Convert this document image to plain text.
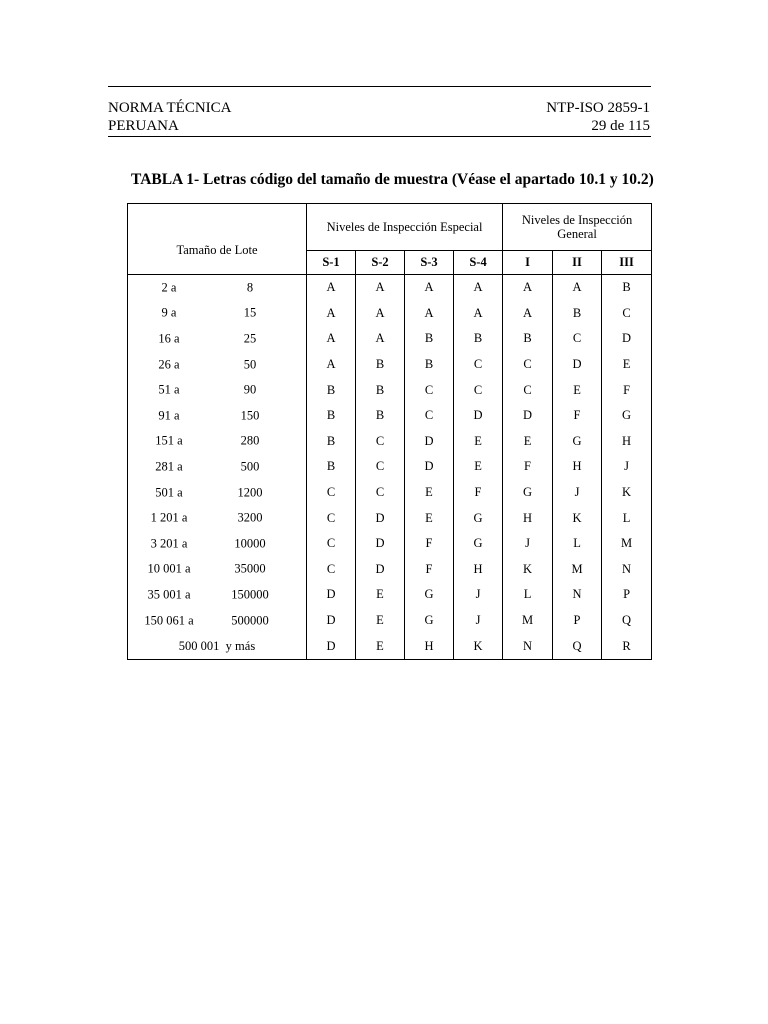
NORMA TÉCNICA
PERUANA
NTP-ISO 2859-1
29 de 115
TABLA 1- Letras código del tamaño de muestra (Véase el apartado 10.1 y 10.2)
Tamaño de Lote	Niveles de Inspección Especial				Niveles de Inspección General		
	S-1	S-2	S-3	S-4	I	II	III

2 a 8	A	A	A	A	A	A	B

9 a 15	A	A	A	A	A	B	C

16 a 25	A	A	B	B	B	C	D

26 a 50	A	B	B	C	C	D	E

51 a 90	B	B	C	C	C	E	F

91 a 150	B	B	C	D	D	F	G

151 a 280	B	C	D	E	E	G	H

281 a 500	B	C	D	E	F	H	J

501 a 1200	C	C	E	F	G	J	K

1 201 a 3200	C	D	E	G	H	K	L

3 201 a 10000	C	D	F	G	J	L	M

10 001 a 35000	C	D	F	H	K	M	N

35 001 a 150000	D	E	G	J	L	N	P

150 061 a 500000	D	E	G	J	M	P	Q

500 001  y más	D	E	H	K	N	Q	R
